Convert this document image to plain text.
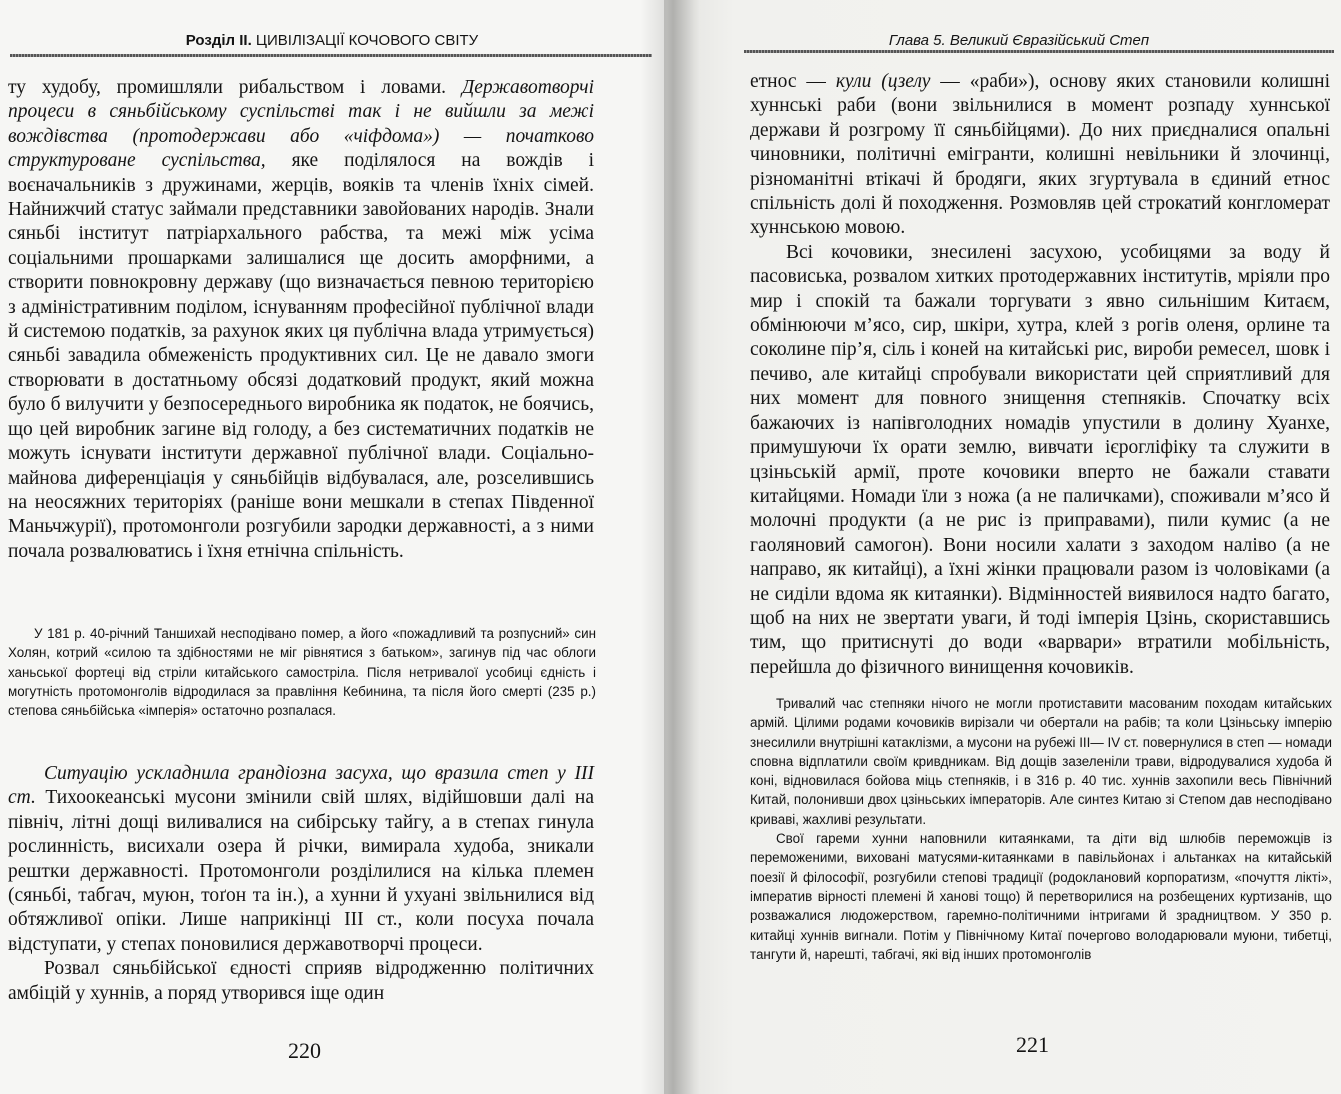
Розділ II. ЦИВІЛІЗАЦІЇ КОЧОВОГО СВІТУ

ту худобу, промишляли рибальством і ловами. Державотворчі процеси в сяньбійському суспільстві так і не вийшли за межі вождівства (протодержави або «чіфдома») — початково структуроване суспільства, яке поділялося на вождів і воєначальників з дружинами, жерців, вояків та членів їхніх сімей. Найнижчий статус займали представники завойованих народів. Знали сяньбі інститут патріархального рабства, та межі між усіма соціальними прошарками залишалися ще досить аморфними, а створити повнокровну державу (що визначається певною територією з адміністративним поділом, існуванням професійної публічної влади й системою податків, за рахунок яких ця публічна влада утримується) сяньбі завадила обмеженість продуктивних сил. Це не давало змоги створювати в достатньому обсязі додатковий продукт, який можна було б вилучити у безпосереднього виробника як податок, не боячись, що цей виробник загине від голоду, а без систематичних податків не можуть існувати інститути державної публічної влади. Соціально-майнова диференціація у сяньбійців відбувалася, але, розселившись на неосяжних територіях (раніше вони мешкали в степах Південної Маньчжурії), протомонголи розгубили зародки державності, а з ними почала розвалюватись і їхня етнічна спільність.

У 181 р. 40-річний Таншихай несподівано помер, а його «пожадливий та розпусний» син Холян, котрий «силою та здібностями не міг рівнятися з батьком», загинув під час облоги ханьської фортеці від стріли китайського самостріла. Після нетривалої усобиці єдність і могутність протомонголів відродилася за правління Кебинина, та після його смерті (235 р.) степова сяньбійська «імперія» остаточно розпалася.

Ситуацію ускладнила грандіозна засуха, що вразила степ у III ст. Тихоокеанські мусони змінили свій шлях, відійшовши далі на північ, літні дощі виливалися на сибірську тайгу, а в степах гинула рослинність, висихали озера й річки, вимирала худоба, зникали рештки державності. Протомонголи розділилися на кілька племен (сяньбі, табгач, муюн, тоґон та ін.), а хунни й ухуані звільнилися від обтяжливої опіки. Лише наприкінці III ст., коли посуха почала відступати, у степах поновилися державотворчі процеси.

Розвал сяньбійської єдності сприяв відродженню політичних амбіцій у хуннів, а поряд утворився іще один

220
Глава 5. Великий Євразійський Степ

етнос — кули (цзелу — «раби»), основу яких становили колишні хуннські раби (вони звільнилися в момент розпаду хуннської держави й розгрому її сяньбійцями). До них приєдналися опальні чиновники, політичні емігранти, колишні невільники й злочинці, різноманітні втікачі й бродяги, яких згуртувала в єдиний етнос спільність долі й походження. Розмовляв цей строкатий конгломерат хуннською мовою.

Всі кочовики, знесилені засухою, усобицями за воду й пасовиська, розвалом хитких протодержавних інститутів, мріяли про мир і спокій та бажали торгувати з явно сильнішим Китаєм, обмінюючи м’ясо, сир, шкіри, хутра, клей з рогів оленя, орлине та соколине пір’я, сіль і коней на китайські рис, вироби ремесел, шовк і печиво, але китайці спробували використати цей сприятливий для них момент для повного знищення степняків. Спочатку всіх бажаючих із напівголодних номадів упустили в долину Хуанхе, примушуючи їх орати землю, вивчати ієрогліфіку та служити в цзіньській армії, проте кочовики вперто не бажали ставати китайцями. Номади їли з ножа (а не паличками), споживали м’ясо й молочні продукти (а не рис із приправами), пили кумис (а не гаоляновий самогон). Вони носили халати з заходом наліво (а не направо, як китайці), а їхні жінки працювали разом із чоловіками (а не сиділи вдома як китаянки). Відмінностей виявилося надто багато, щоб на них не звертати уваги, й тоді імперія Цзінь, скориставшись тим, що притиснуті до води «варвари» втратили мобільність, перейшла до фізичного винищення кочовиків.

Тривалий час степняки нічого не могли протиставити масованим походам китайських армій. Цілими родами кочовиків вирізали чи обертали на рабів; та коли Цзіньську імперію знесилили внутрішні катаклізми, а мусони на рубежі III— IV ст. повернулися в степ — номади сповна відплатили своїм кривдникам. Від дощів зазеленіли трави, відродувалися худоба й коні, відновилася бойова міць степняків, і в 316 р. 40 тис. хуннів захопили весь Північний Китай, полонивши двох цзіньських імператорів. Але синтез Китаю зі Степом дав несподівано криваві, жахливі результати.

Свої гареми хунни наповнили китаянками, та діти від шлюбів переможців із переможеними, виховані матусями-китаянками в павільйонах і альтанках на китайській поезії й філософії, розгубили степові традиції (родоклановий корпоратизм, «почуття лікті», імператив вірності племені й хановi тощо) й перетворилися на розбещених куртизанів, що розважалися людожерством, гаремно-політичними інтригами й зрадництвом. У 350 р. китайці хуннів вигнали. Потім у Північному Китаї почергово володарювали муюни, тибетці, тангути й, нарешті, табгачі, які від інших протомонголів

221
